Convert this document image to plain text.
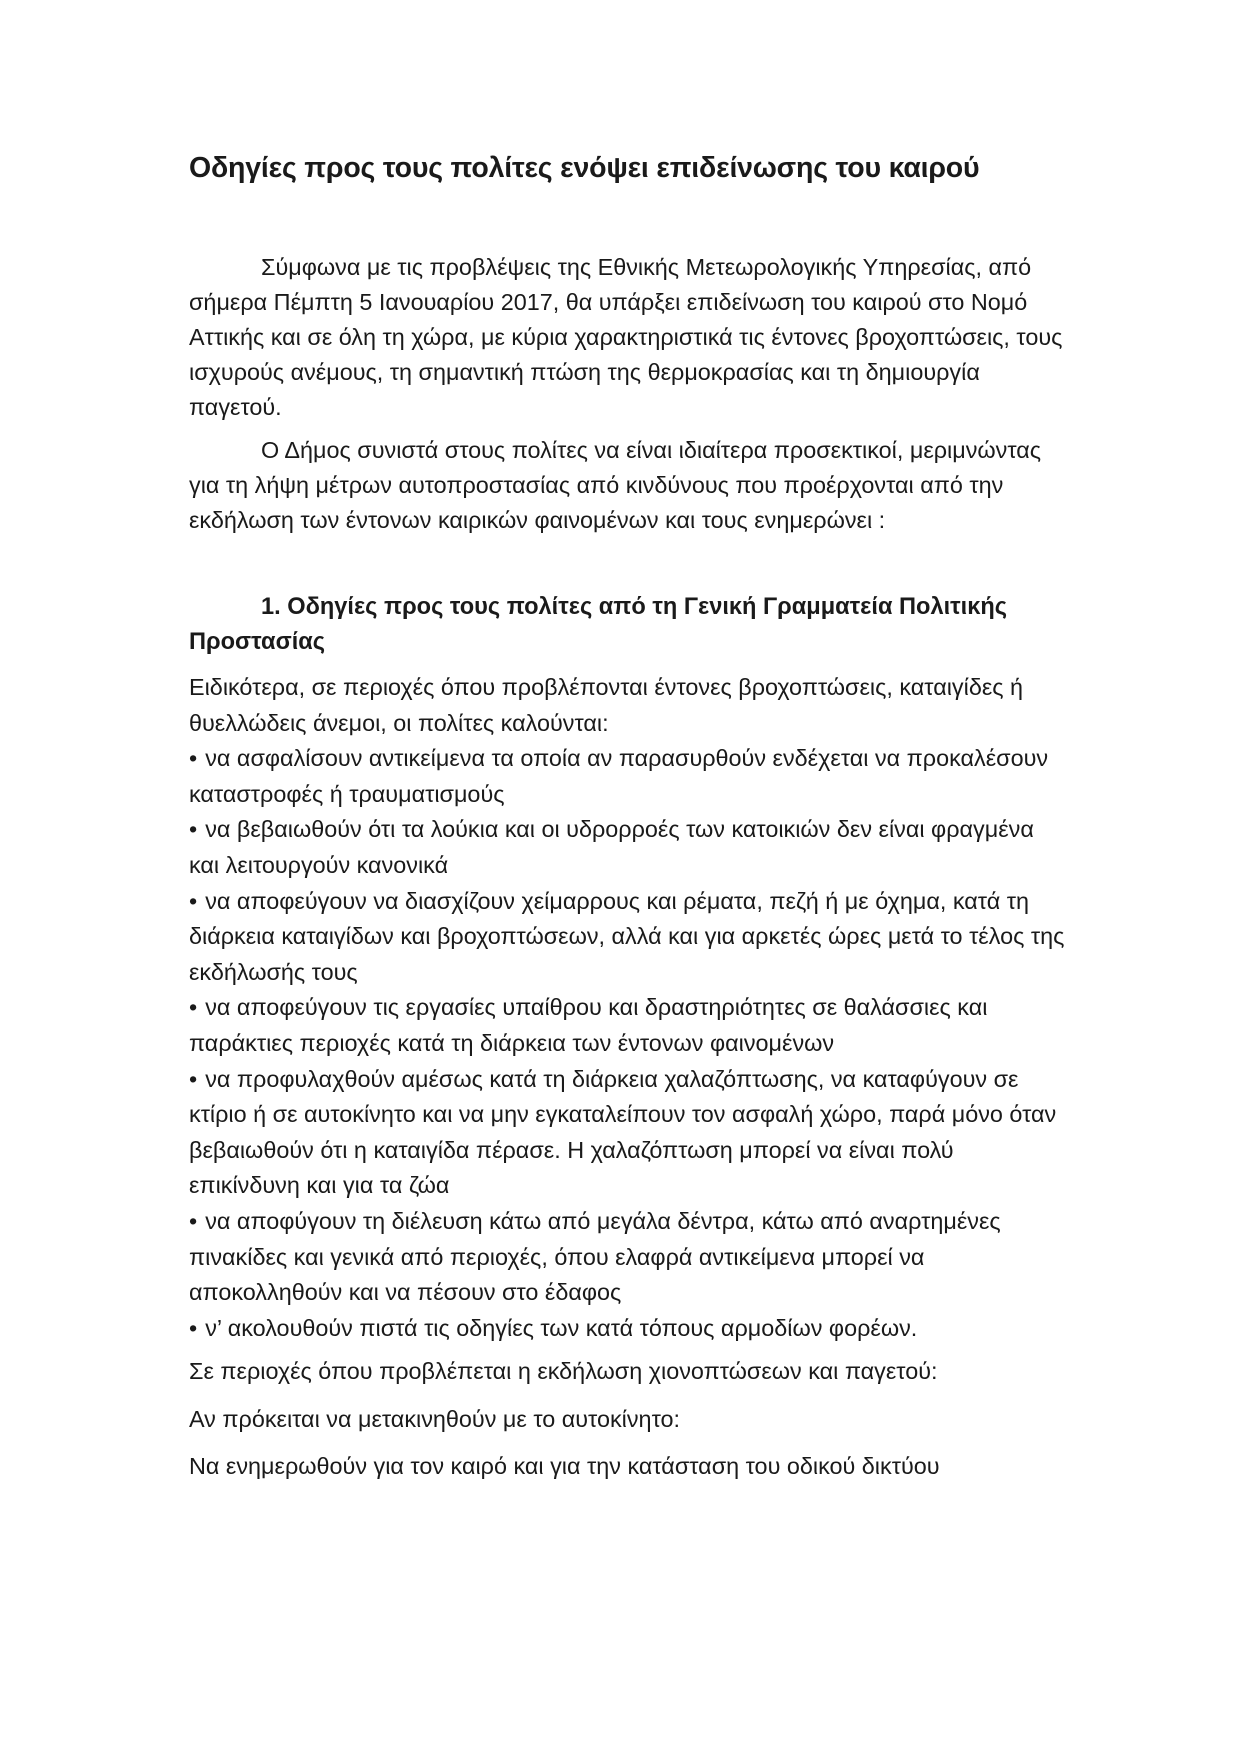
Οδηγίες προς τους πολίτες ενόψει επιδείνωσης του καιρού

Σύμφωνα με τις προβλέψεις της Εθνικής Μετεωρολογικής Υπηρεσίας, από σήμερα Πέμπτη 5 Ιανουαρίου 2017, θα υπάρξει επιδείνωση του καιρού στο Νομό Αττικής και σε όλη τη χώρα, με κύρια χαρακτηριστικά τις έντονες βροχοπτώσεις, τους ισχυρούς ανέμους, τη σημαντική πτώση της θερμοκρασίας και τη δημιουργία παγετού.

Ο Δήμος συνιστά στους πολίτες να είναι ιδιαίτερα προσεκτικοί, μεριμνώντας για τη λήψη μέτρων αυτοπροστασίας από κινδύνους που προέρχονται από την εκδήλωση των έντονων καιρικών φαινομένων και τους ενημερώνει :

1. Οδηγίες προς τους πολίτες από τη Γενική Γραμματεία Πολιτικής Προστασίας

Ειδικότερα, σε περιοχές όπου προβλέπονται έντονες βροχοπτώσεις, καταιγίδες ή θυελλώδεις άνεμοι, οι πολίτες καλούνται:

• να ασφαλίσουν αντικείμενα τα οποία αν παρασυρθούν ενδέχεται να προκαλέσουν καταστροφές ή τραυματισμούς
• να βεβαιωθούν ότι τα λούκια και οι υδρορροές των κατοικιών δεν είναι φραγμένα και λειτουργούν κανονικά
• να αποφεύγουν να διασχίζουν χείμαρρους και ρέματα, πεζή ή με όχημα, κατά τη διάρκεια καταιγίδων και βροχοπτώσεων, αλλά και για αρκετές ώρες μετά το τέλος της εκδήλωσής τους
• να αποφεύγουν τις εργασίες υπαίθρου και δραστηριότητες σε θαλάσσιες και παράκτιες περιοχές κατά τη διάρκεια των έντονων φαινομένων
• να προφυλαχθούν αμέσως κατά τη διάρκεια χαλαζόπτωσης, να καταφύγουν σε κτίριο ή σε αυτοκίνητο και να μην εγκαταλείπουν τον ασφαλή χώρο, παρά μόνο όταν βεβαιωθούν ότι η καταιγίδα πέρασε. Η χαλαζόπτωση μπορεί να είναι πολύ επικίνδυνη και για τα ζώα
• να αποφύγουν τη διέλευση κάτω από μεγάλα δέντρα, κάτω από αναρτημένες πινακίδες και γενικά από περιοχές, όπου ελαφρά αντικείμενα μπορεί να αποκολληθούν και να πέσουν στο έδαφος
• ν’ ακολουθούν πιστά τις οδηγίες των κατά τόπους αρμοδίων φορέων.

Σε περιοχές όπου προβλέπεται η εκδήλωση χιονοπτώσεων και παγετού:

Αν πρόκειται να μετακινηθούν με το αυτοκίνητο:

Να ενημερωθούν για τον καιρό και για την κατάσταση του οδικού δικτύου
